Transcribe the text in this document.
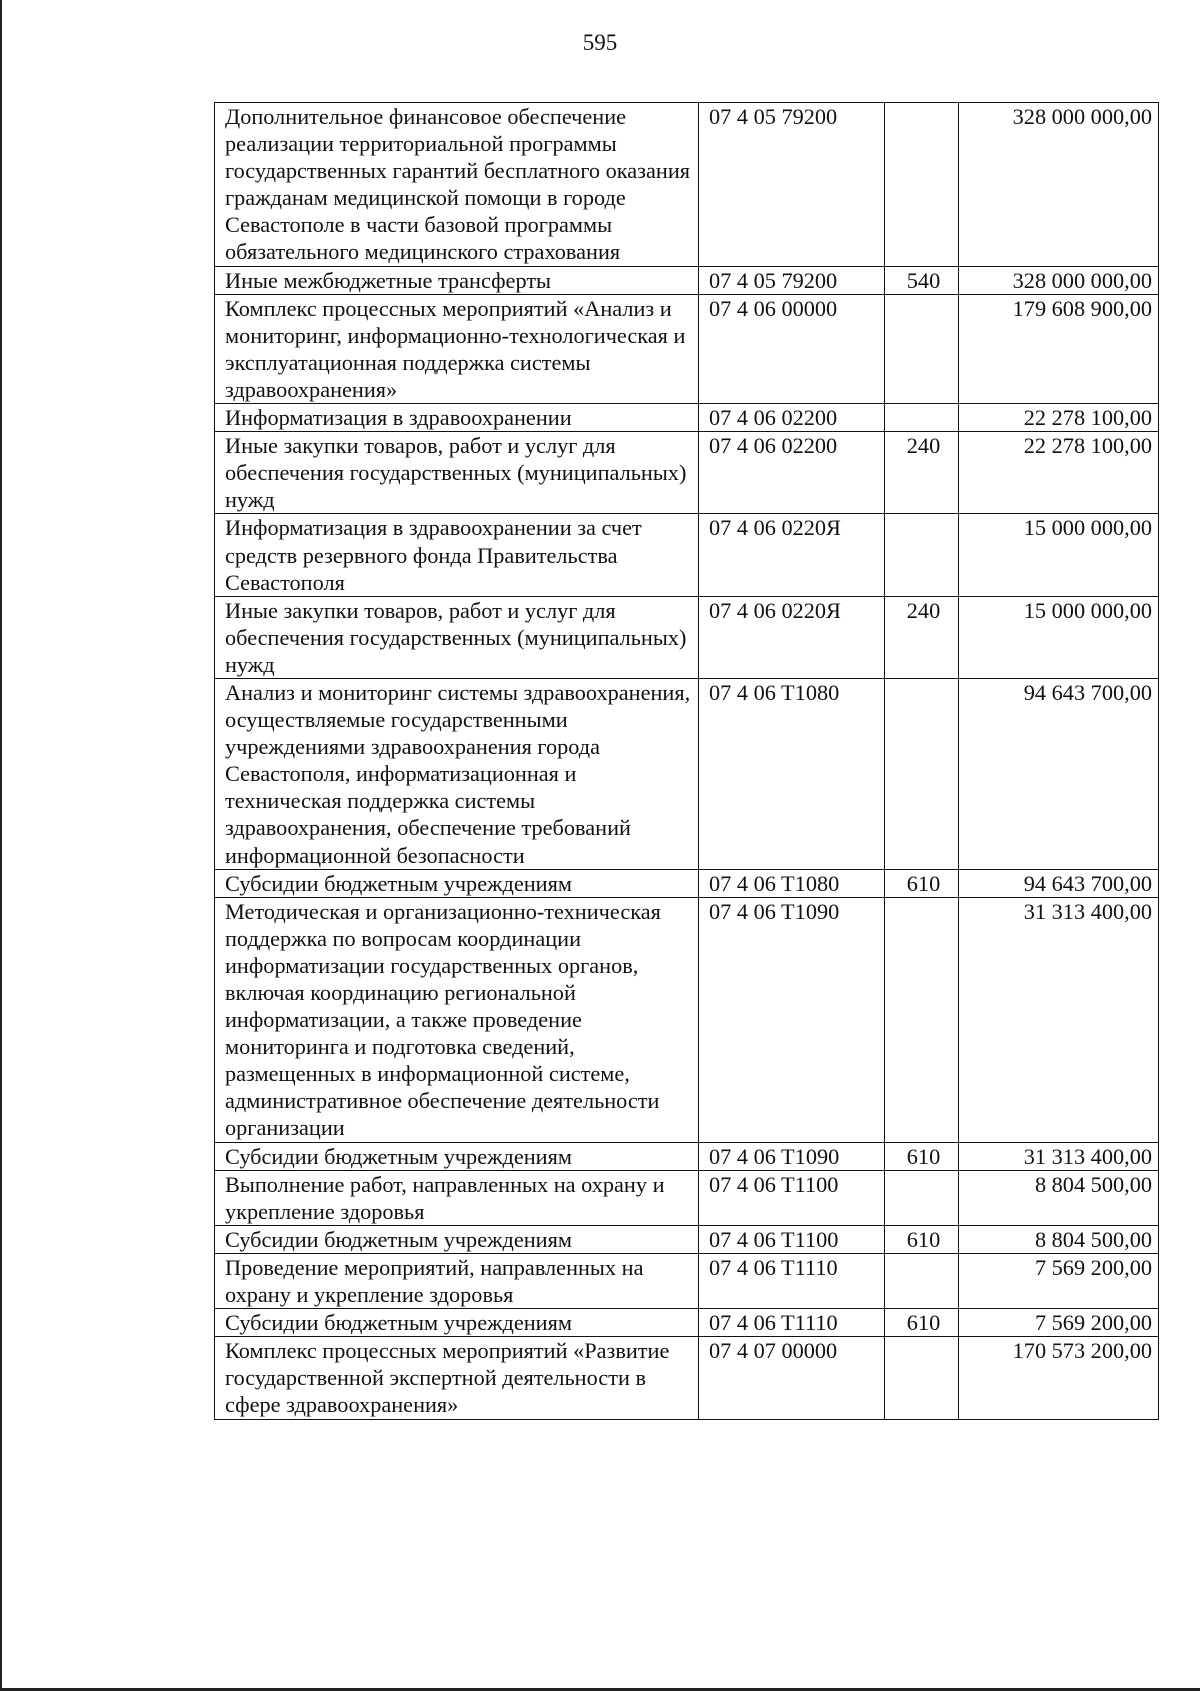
595
Дополнительное финансовое обеспечение реализации территориальной программы государственных гарантий бесплатного оказания гражданам медицинской помощи в городе Севастополе в части базовой программы обязательного медицинского страхования	07 4 05 79200		328 000 000,00
Иные межбюджетные трансферты	07 4 05 79200	540	328 000 000,00
Комплекс процессных мероприятий «Анализ и мониторинг, информационно-технологическая и эксплуатационная поддержка системы здравоохранения»	07 4 06 00000		179 608 900,00
Информатизация в здравоохранении	07 4 06 02200		22 278 100,00
Иные закупки товаров, работ и услуг для обеспечения государственных (муниципальных) нужд	07 4 06 02200	240	22 278 100,00
Информатизация в здравоохранении за счет средств резервного фонда Правительства Севастополя	07 4 06 0220Я		15 000 000,00
Иные закупки товаров, работ и услуг для обеспечения государственных (муниципальных) нужд	07 4 06 0220Я	240	15 000 000,00
Анализ и мониторинг системы здравоохранения, осуществляемые государственными учреждениями здравоохранения города Севастополя, информатизационная и техническая поддержка системы здравоохранения, обеспечение требований информационной безопасности	07 4 06 T1080		94 643 700,00
Субсидии бюджетным учреждениям	07 4 06 T1080	610	94 643 700,00
Методическая и организационно-техническая поддержка по вопросам координации информатизации государственных органов, включая координацию региональной информатизации, а также проведение мониторинга и подготовка сведений, размещенных в информационной системе, административное обеспечение деятельности организации	07 4 06 T1090		31 313 400,00
Субсидии бюджетным учреждениям	07 4 06 T1090	610	31 313 400,00
Выполнение работ, направленных на охрану и укрепление здоровья	07 4 06 T1100		8 804 500,00
Субсидии бюджетным учреждениям	07 4 06 T1100	610	8 804 500,00
Проведение мероприятий, направленных на охрану и укрепление здоровья	07 4 06 T1110		7 569 200,00
Субсидии бюджетным учреждениям	07 4 06 T1110	610	7 569 200,00
Комплекс процессных мероприятий «Развитие государственной экспертной деятельности в сфере здравоохранения»	07 4 07 00000		170 573 200,00
